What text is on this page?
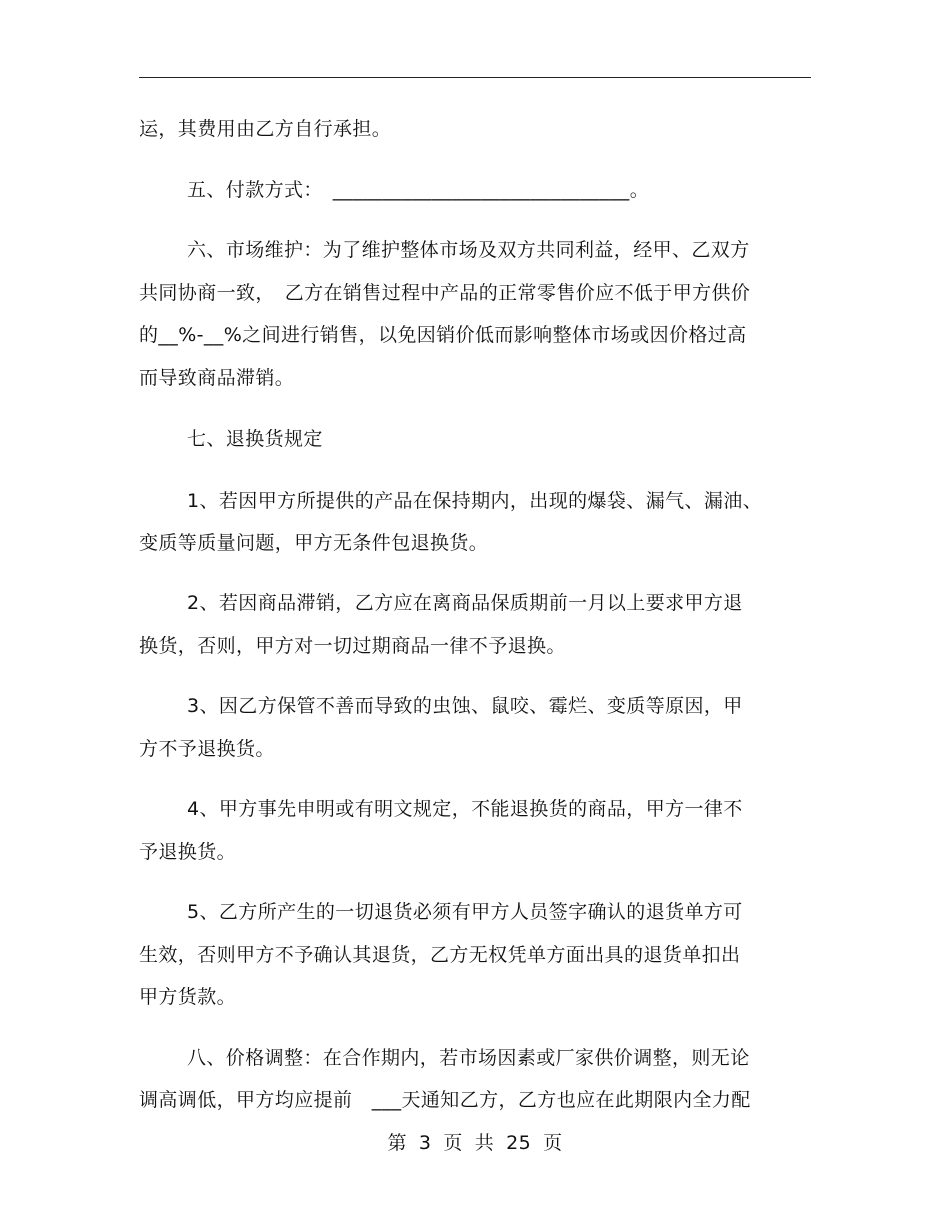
运，其费用由乙方自行承担。
五、付款方式：　______________________________。
六、市场维护：为了维护整体市场及双方共同利益，经甲、乙双方
共同协商一致，　乙方在销售过程中产品的正常零售价应不低于甲方供价
的__%-__%之间进行销售，以免因销价低而影响整体市场或因价格过高
而导致商品滞销。
七、退换货规定
1、若因甲方所提供的产品在保持期内，出现的爆袋、漏气、漏油、
变质等质量问题，甲方无条件包退换货。
2、若因商品滞销，乙方应在离商品保质期前一月以上要求甲方退
换货，否则，甲方对一切过期商品一律不予退换。
3、因乙方保管不善而导致的虫蚀、鼠咬、霉烂、变质等原因，甲
方不予退换货。
4、甲方事先申明或有明文规定，不能退换货的商品，甲方一律不
予退换货。
5、乙方所产生的一切退货必须有甲方人员签字确认的退货单方可
生效，否则甲方不予确认其退货，乙方无权凭单方面出具的退货单扣出
甲方货款。
八、价格调整：在合作期内，若市场因素或厂家供价调整，则无论
调高调低，甲方均应提前　___天通知乙方，乙方也应在此期限内全力配
第 3 页 共 25 页
